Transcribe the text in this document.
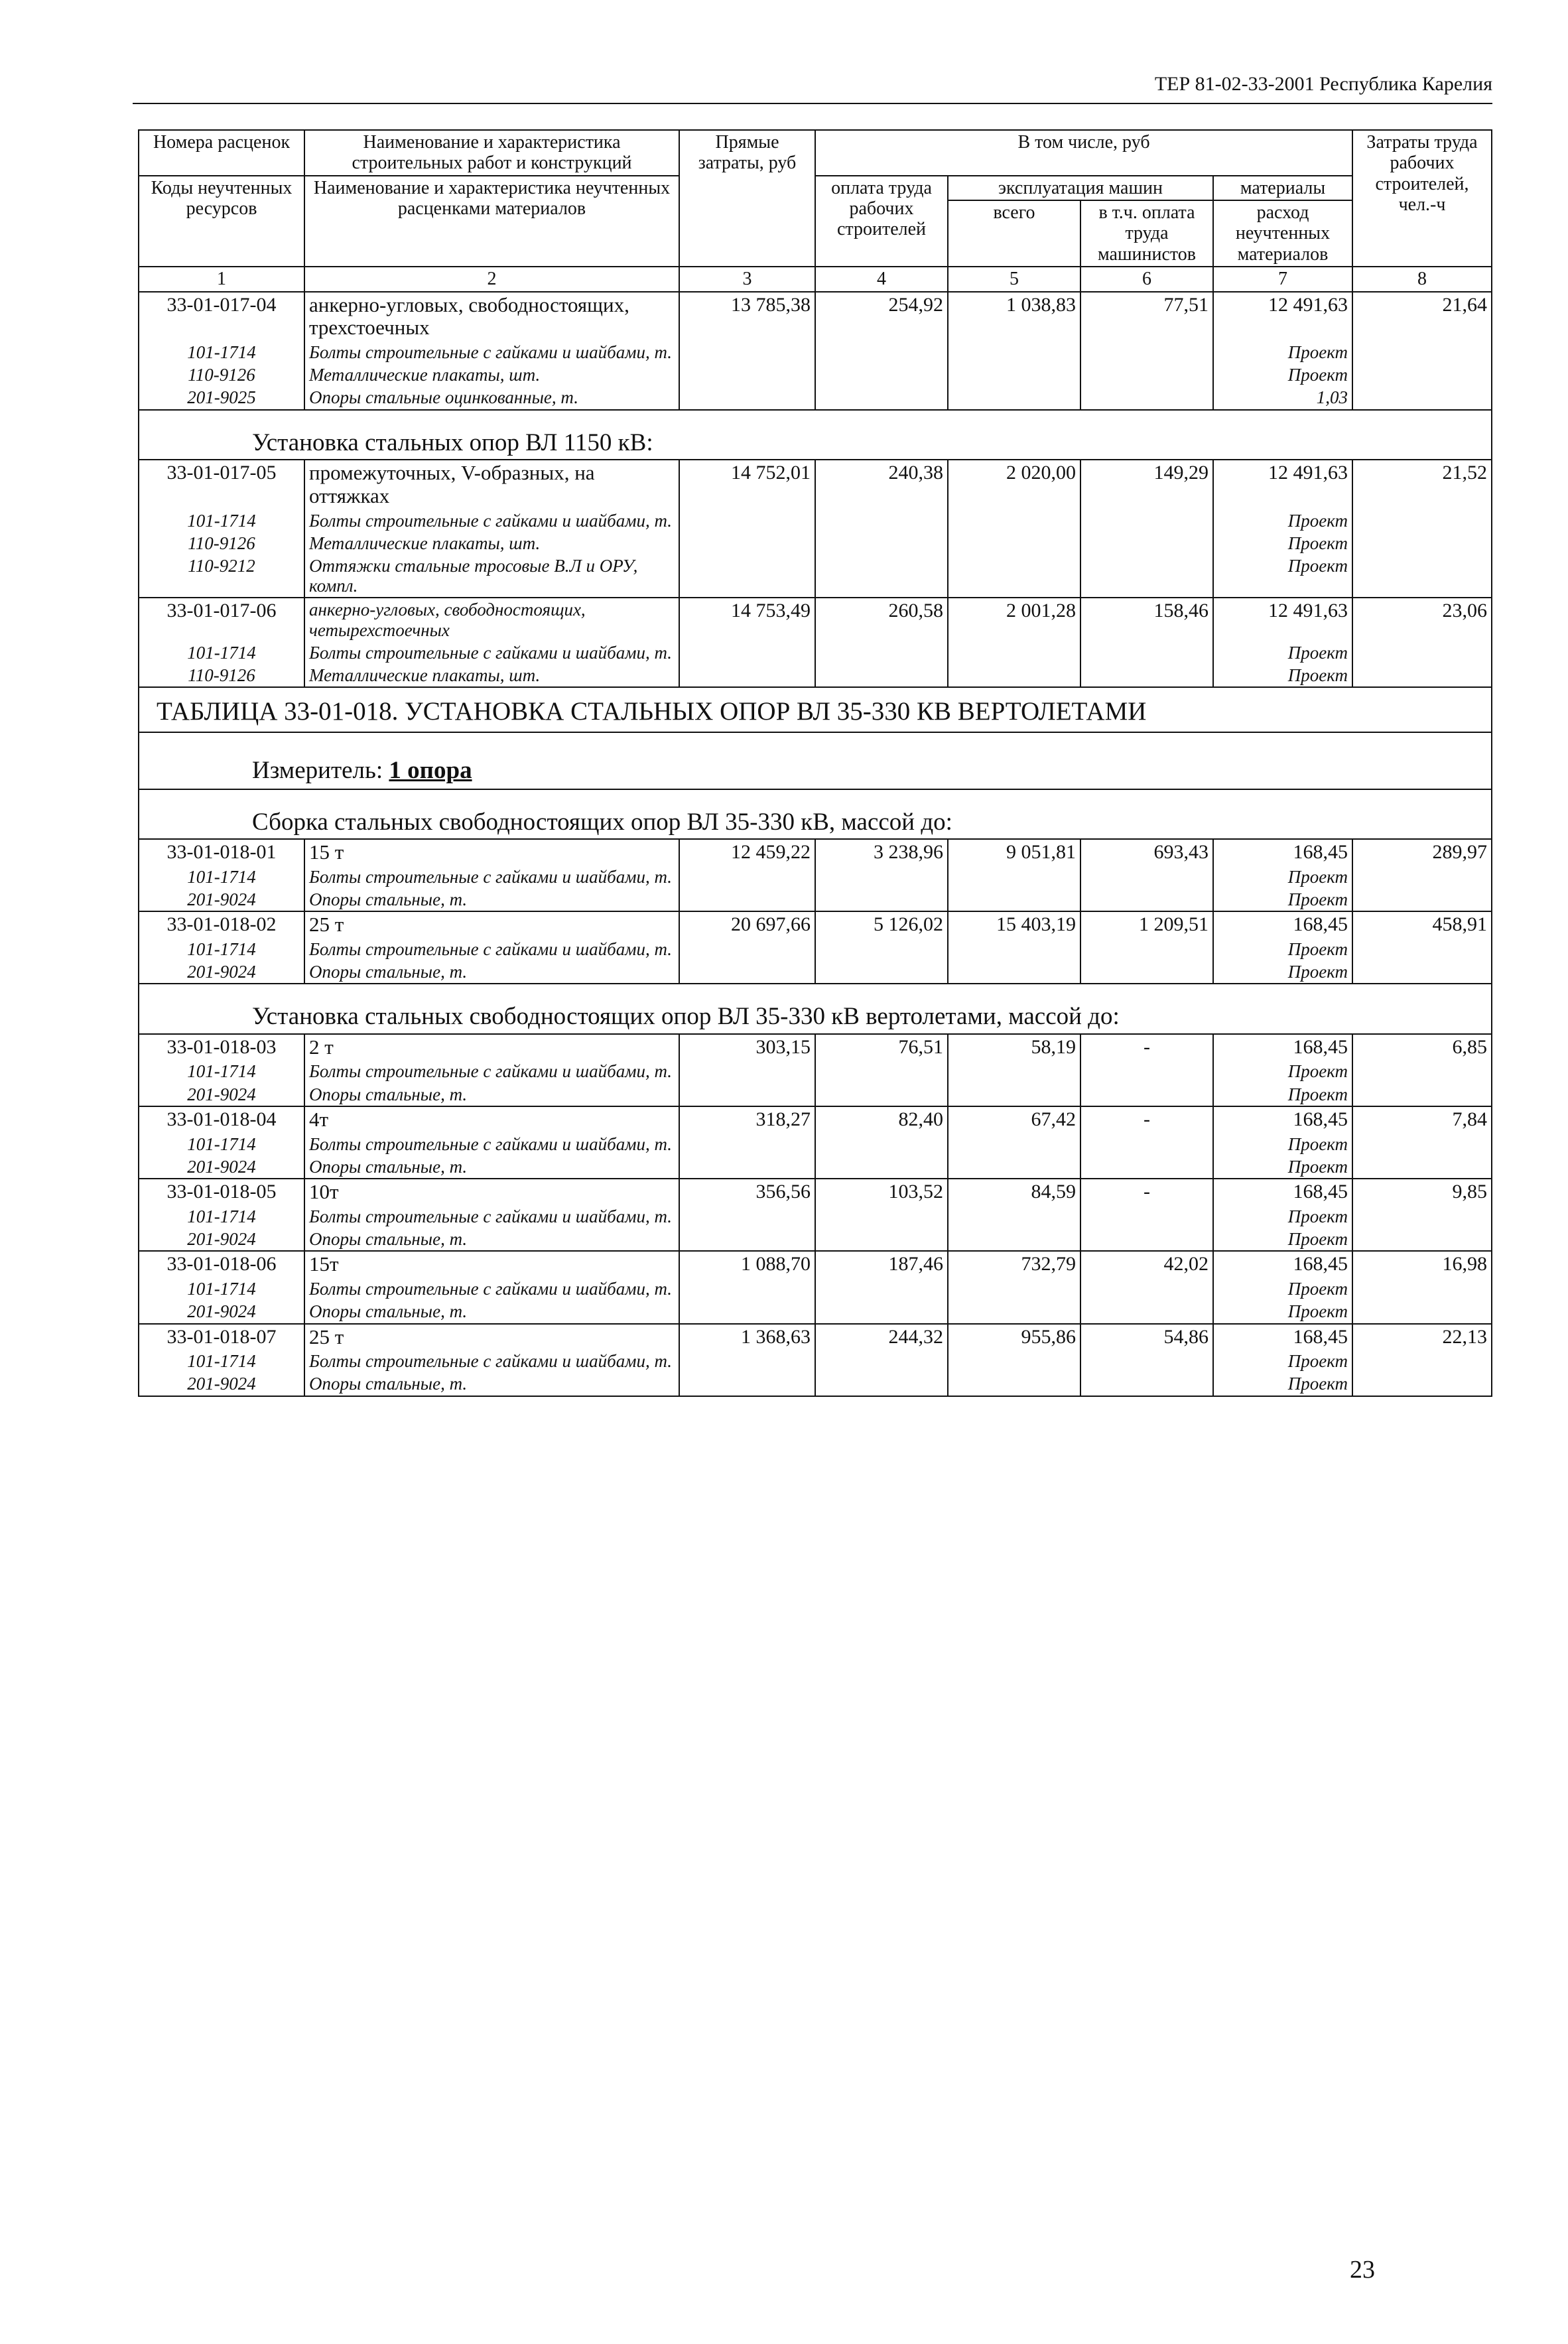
ТЕР 81-02-33-2001 Республика Карелия
Номера расценок	Наименование и характеристика строительных работ и конструкций	Прямые затраты, руб	В том числе, руб				Затраты труда рабочих строителей, чел.-ч
Коды неучтенных ресурсов	Наименование и характеристика неучтенных расценками материалов		оплата труда рабочих строителей	эксплуатация машин		материалы	
				всего	в т.ч. оплата труда машинистов	расход неучтенных материалов	
1	2	3	4	5	6	7	8
33-01-017-04	анкерно-угловых, свободностоящих, трехстоечных	13 785,38	254,92	1 038,83	77,51	12 491,63	21,64
101-1714	Болты строительные с гайками и шайбами, т.					Проект	
110-9126	Металлические плакаты, шт.					Проект	
201-9025	Опоры стальные оцинкованные, т.					1,03	
Установка стальных опор ВЛ 1150 кВ:							
33-01-017-05	промежуточных, V-образных, на оттяжках	14 752,01	240,38	2 020,00	149,29	12 491,63	21,52
101-1714	Болты строительные с гайками и шайбами, т.					Проект	
110-9126	Металлические плакаты, шт.					Проект	
110-9212	Оттяжки стальные тросовые В.Л и ОРУ, компл.					Проект	
33-01-017-06	анкерно-угловых, свободностоящих, четырехстоечных	14 753,49	260,58	2 001,28	158,46	12 491,63	23,06
101-1714	Болты строительные с гайками и шайбами, т.					Проект	
110-9126	Металлические плакаты, шт.					Проект	
ТАБЛИЦА 33-01-018. УСТАНОВКА СТАЛЬНЫХ ОПОР ВЛ 35-330 КВ ВЕРТОЛЕТАМИ							
Измеритель: 1 опора							
Сборка стальных свободностоящих опор ВЛ 35-330 кВ, массой до:							
33-01-018-01	15 т	12 459,22	3 238,96	9 051,81	693,43	168,45	289,97
101-1714	Болты строительные с гайками и шайбами, т.					Проект	
201-9024	Опоры стальные, т.					Проект	
33-01-018-02	25 т	20 697,66	5 126,02	15 403,19	1 209,51	168,45	458,91
101-1714	Болты строительные с гайками и шайбами, т.					Проект	
201-9024	Опоры стальные, т.					Проект	
Установка стальных свободностоящих опор ВЛ 35-330 кВ вертолетами, массой до:							
33-01-018-03	2 т	303,15	76,51	58,19	-	168,45	6,85
101-1714	Болты строительные с гайками и шайбами, т.					Проект	
201-9024	Опоры стальные, т.					Проект	
33-01-018-04	4т	318,27	82,40	67,42	-	168,45	7,84
101-1714	Болты строительные с гайками и шайбами, т.					Проект	
201-9024	Опоры стальные, т.					Проект	
33-01-018-05	10т	356,56	103,52	84,59	-	168,45	9,85
101-1714	Болты строительные с гайками и шайбами, т.					Проект	
201-9024	Опоры стальные, т.					Проект	
33-01-018-06	15т	1 088,70	187,46	732,79	42,02	168,45	16,98
101-1714	Болты строительные с гайками и шайбами, т.					Проект	
201-9024	Опоры стальные, т.					Проект	
33-01-018-07	25 т	1 368,63	244,32	955,86	54,86	168,45	22,13
101-1714	Болты строительные с гайками и шайбами, т.					Проект	
201-9024	Опоры стальные, т.					Проект	
23
